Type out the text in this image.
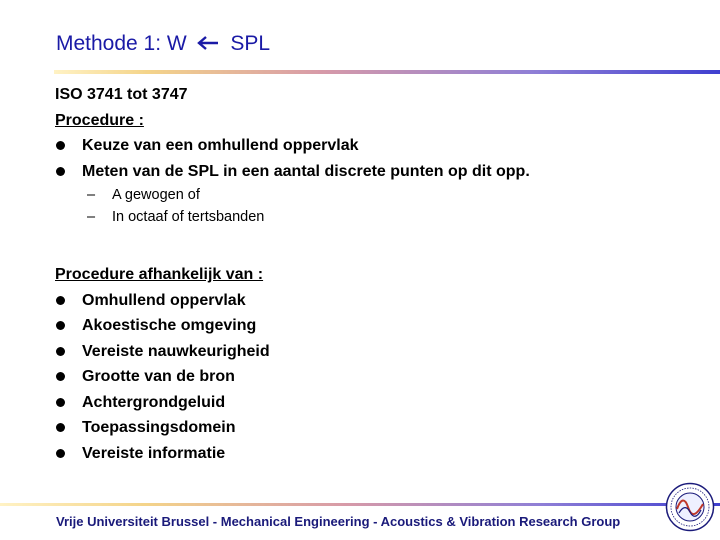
Methode 1: W SPL
ISO 3741 tot 3747
Procedure :
Keuze van een omhullend oppervlak
Meten van de SPL in een aantal discrete punten op dit opp.
– A gewogen of
– In octaaf of tertsbanden
Procedure afhankelijk van :
Omhullend oppervlak
Akoestische omgeving
Vereiste nauwkeurigheid
Grootte van de bron
Achtergrondgeluid
Toepassingsdomein
Vereiste informatie
Vrije Universiteit Brussel - Mechanical Engineering - Acoustics & Vibration Research Group
